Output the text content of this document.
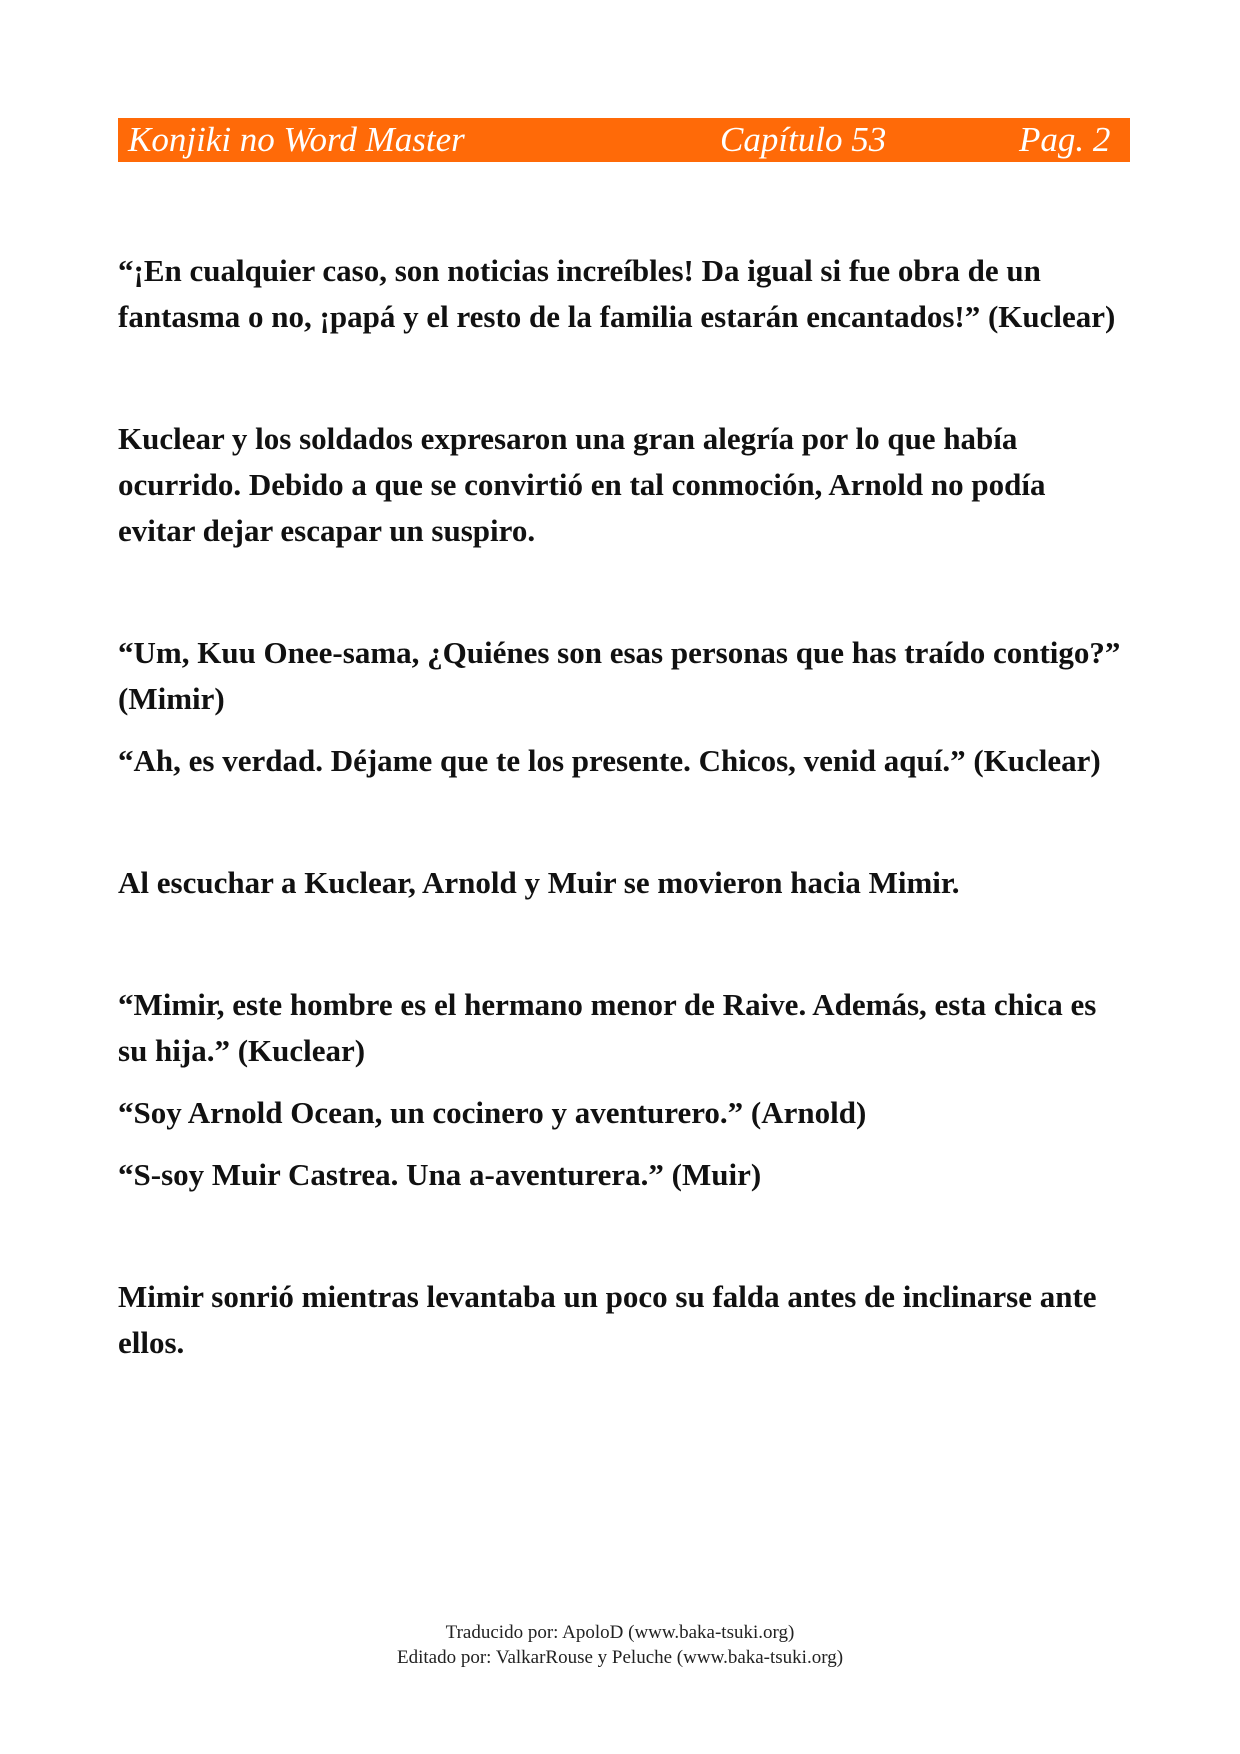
Konjiki no Word Master	Capítulo 53	Pag. 2

“¡En cualquier caso, son noticias increíbles! Da igual si fue obra de un fantasma o no, ¡papá y el resto de la familia estarán encantados!” (Kuclear)

Kuclear y los soldados expresaron una gran alegría por lo que había ocurrido. Debido a que se convirtió en tal conmoción, Arnold no podía evitar dejar escapar un suspiro.

“Um, Kuu Onee-sama, ¿Quiénes son esas personas que has traído contigo?” (Mimir)

“Ah, es verdad. Déjame que te los presente. Chicos, venid aquí.” (Kuclear)

Al escuchar a Kuclear, Arnold y Muir se movieron hacia Mimir.

“Mimir, este hombre es el hermano menor de Raive. Además, esta chica es su hija.” (Kuclear)

“Soy Arnold Ocean, un cocinero y aventurero.” (Arnold)

“S-soy Muir Castrea. Una a-aventurera.” (Muir)

Mimir sonrió mientras levantaba un poco su falda antes de inclinarse ante ellos.

Traducido por: ApoloD (www.baka-tsuki.org)
Editado por: ValkarRouse y Peluche (www.baka-tsuki.org)
